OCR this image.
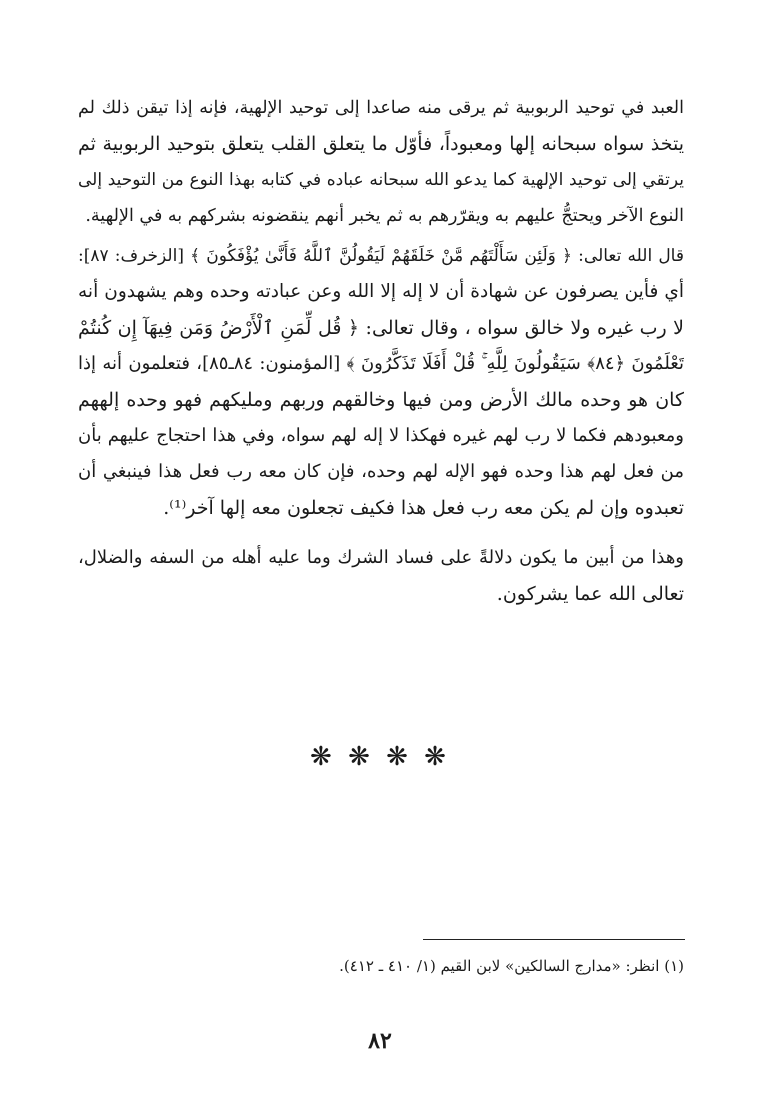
العبد في توحيد الربوبية ثم يرقى منه صاعدا إلى توحيد الإلهية، فإنه إذا تيقن ذلك لم
يتخذ سواه سبحانه إلها ومعبوداً، فأوّل ما يتعلق القلب يتعلق بتوحيد الربوبية ثم
يرتقي إلى توحيد الإلهية كما يدعو الله سبحانه عباده في كتابه بهذا النوع من التوحيد إلى
النوع الآخر ويحتجُّ عليهم به ويقرّرهم به ثم يخبر أنهم ينقضونه بشركهم به في الإلهية.
قال الله تعالى: ﴿ وَلَئِن سَأَلْتَهُم مَّنْ خَلَقَهُمْ لَيَقُولُنَّ ٱللَّهُ فَأَنَّىٰ يُؤْفَكُونَ ﴾ [الزخرف: ٨٧]:
أي فأين يصرفون عن شهادة أن لا إله إلا الله وعن عبادته وحده وهم يشهدون أنه
لا رب غيره ولا خالق سواه ، وقال تعالى: ﴿ قُل لِّمَنِ ٱلْأَرْضُ وَمَن فِيهَآ إِن كُنتُمْ
تَعْلَمُونَ ﴿٨٤﴾ سَيَقُولُونَ لِلَّهِ ۚ قُلْ أَفَلَا تَذَكَّرُونَ ﴾ [المؤمنون: ٨٤ـ٨٥]، فتعلمون أنه إذا
كان هو وحده مالك الأرض ومن فيها وخالقهم وربهم ومليكهم فهو وحده إلههم
ومعبودهم فكما لا رب لهم غيره فهكذا لا إله لهم سواه، وفي هذا احتجاج عليهم بأن
من فعل لهم هذا وحده فهو الإله لهم وحده، فإن كان معه رب فعل هذا فينبغي أن
تعبدوه وإن لم يكن معه رب فعل هذا فكيف تجعلون معه إلها آخر⁽¹⁾.
وهذا من أبين ما يكون دلالةً على فساد الشرك وما عليه أهله من السفه والضلال،
تعالى الله عما يشركون.
❋ ❋ ❋ ❋
(١) انظر: «مدارج السالكين» لابن القيم (١/ ٤١٠ ـ ٤١٢).
٨٢
